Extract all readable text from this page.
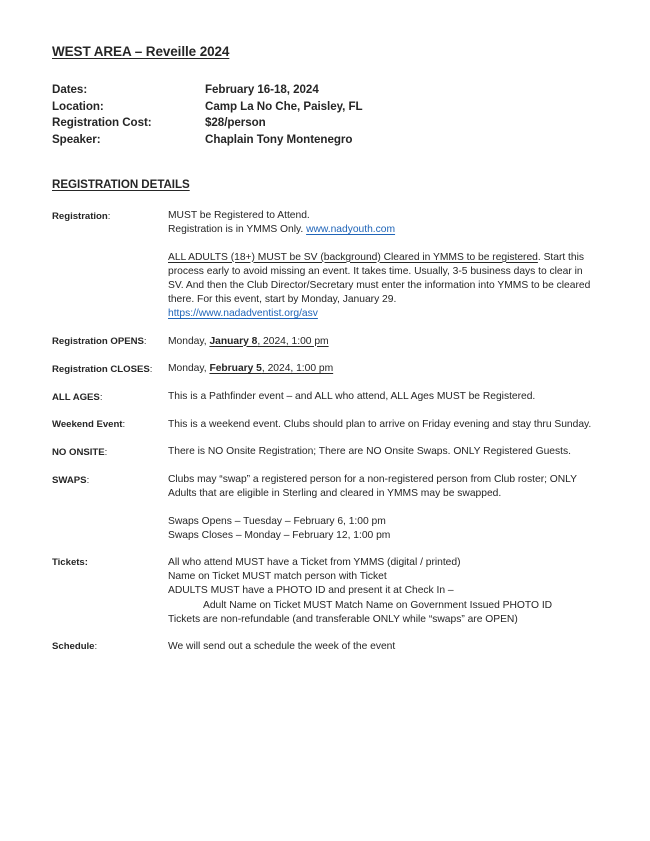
WEST AREA – Reveille 2024
Dates:	February 16-18, 2024
Location:	Camp La No Che, Paisley, FL
Registration Cost:	$28/person
Speaker:	Chaplain Tony Montenegro
REGISTRATION DETAILS
Registration:	MUST be Registered to Attend.
Registration is in YMMS Only. www.nadyouth.com
ALL ADULTS (18+) MUST be SV (background) Cleared in YMMS to be registered. Start this process early to avoid missing an event. It takes time. Usually, 3-5 business days to clear in SV. And then the Club Director/Secretary must enter the information into YMMS to be cleared there. For this event, start by Monday, January 29.
https://www.nadadventist.org/asv
Registration OPENS:	Monday, January 8, 2024, 1:00 pm
Registration CLOSES:	Monday, February 5, 2024, 1:00 pm
ALL AGES:	This is a Pathfinder event – and ALL who attend, ALL Ages MUST be Registered.
Weekend Event:	This is a weekend event. Clubs should plan to arrive on Friday evening and stay thru Sunday.
NO ONSITE:	There is NO Onsite Registration; There are NO Onsite Swaps. ONLY Registered Guests.
SWAPS:	Clubs may “swap” a registered person for a non-registered person from Club roster; ONLY Adults that are eligible in Sterling and cleared in YMMS may be swapped.
Swaps Opens – Tuesday – February 6, 1:00 pm
Swaps Closes – Monday – February 12, 1:00 pm
Tickets:	All who attend MUST have a Ticket from YMMS (digital / printed)
Name on Ticket MUST match person with Ticket
ADULTS MUST have a PHOTO ID and present it at Check In –
Adult Name on Ticket MUST Match Name on Government Issued PHOTO ID
Tickets are non-refundable (and transferable ONLY while “swaps” are OPEN)
Schedule:	We will send out a schedule the week of the event
